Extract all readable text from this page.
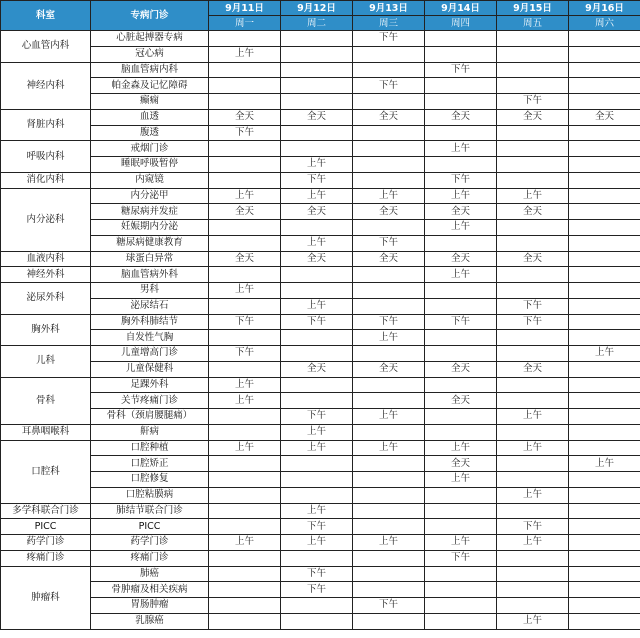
科室	专病门诊	9月11日	9月12日	9月13日	9月14日	9月15日	9月16日
		周一	周二	周三	周四	周五	周六
心血管内科	心脏起搏器专病			下午			
	冠心病	上午					
神经内科	脑血管病内科				下午		
	帕金森及记忆障碍			下午			
	癫痫					下午	
肾脏内科	血透	全天	全天	全天	全天	全天	全天
	腹透	下午					
呼吸内科	戒烟门诊				上午		
	睡眠呼吸暂停		上午				
消化内科	内窥镜		下午		下午		
内分泌科	内分泌甲	上午	上午	上午	上午	上午	
	糖尿病并发症	全天	全天	全天	全天	全天	
	妊娠期内分泌				上午		
	糖尿病健康教育		上午	下午			
血液内科	球蛋白异常	全天	全天	全天	全天	全天	
神经外科	脑血管病外科				上午		
泌尿外科	男科	上午					
	泌尿结石		上午			下午	
胸外科	胸外科肺结节	下午	下午	下午	下午	下午	
	自发性气胸			上午			
儿科	儿童增高门诊	下午					上午
	儿童保健科		全天	全天	全天	全天	
骨科	足踝外科	上午					
	关节疼痛门诊	上午			全天		
	骨科（颈肩腰腿痛）		下午	上午		上午	
耳鼻咽喉科	鼾病		上午				
口腔科	口腔种植	上午	上午	上午	上午	上午	
	口腔矫正				全天		上午
	口腔修复				上午		
	口腔粘膜病					上午	
多学科联合门诊	肺结节联合门诊		上午				
PICC	PICC		下午			下午	
药学门诊	药学门诊	上午	上午	上午	上午	上午	
疼痛门诊	疼痛门诊				下午		
肿瘤科	肺癌		下午				
	骨肿瘤及相关疾病		下午				
	胃肠肿瘤			下午			
	乳腺癌					上午	
